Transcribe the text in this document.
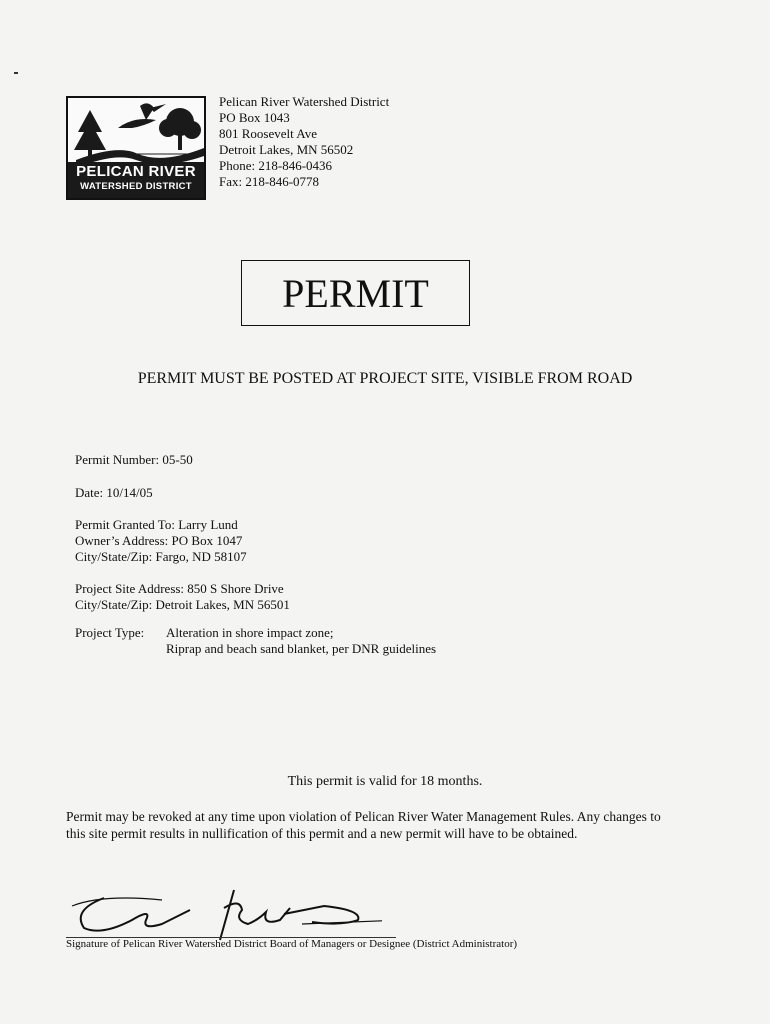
PELICAN RIVER
WATERSHED DISTRICT
Pelican River Watershed District
PO Box 1043
801 Roosevelt Ave
Detroit Lakes, MN 56502
Phone: 218-846-0436
Fax: 218-846-0778
PERMIT
PERMIT MUST BE POSTED AT PROJECT SITE, VISIBLE FROM ROAD
Permit Number: 05-50
Date: 10/14/05
Permit Granted To: Larry Lund
Owner’s Address: PO Box 1047
City/State/Zip: Fargo, ND 58107
Project Site Address: 850 S Shore Drive
City/State/Zip: Detroit Lakes, MN 56501
Project Type:	Alteration in shore impact zone;
Riprap and beach sand blanket, per DNR guidelines
This permit is valid for 18 months.
Permit may be revoked at any time upon violation of Pelican River Water Management Rules. Any changes to this site permit results in nullification of this permit and a new permit will have to be obtained.
Signature of Pelican River Watershed District Board of Managers or Designee (District Administrator)
